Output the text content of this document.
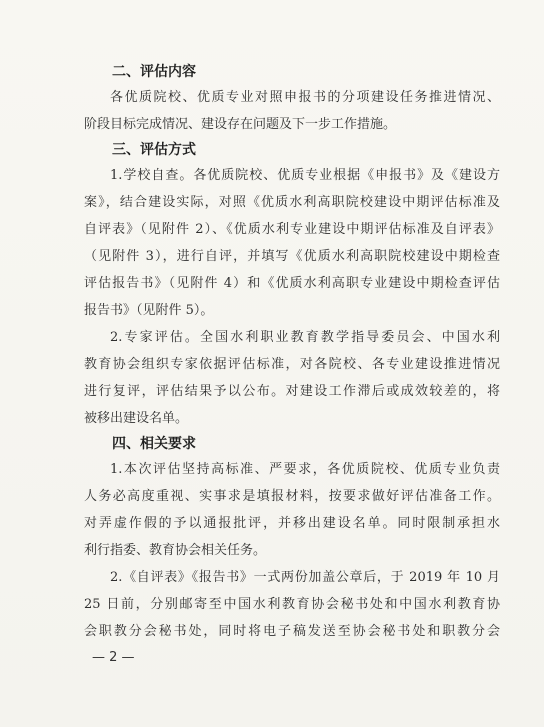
二、评估内容
各优质院校、优质专业对照申报书的分项建设任务推进情况、
阶段目标完成情况、建设存在问题及下一步工作措施。
三、评估方式
1.学校自查。各优质院校、优质专业根据《申报书》及《建设方
案》，结合建设实际，对照《优质水利高职院校建设中期评估标准及
自评表》（见附件 2）、《优质水利专业建设中期评估标准及自评表》
（见附件 3），进行自评，并填写《优质水利高职院校建设中期检查
评估报告书》（见附件 4）和《优质水利高职专业建设中期检查评估
报告书》（见附件 5）。
2.专家评估。全国水利职业教育教学指导委员会、中国水利
教育协会组织专家依据评估标准，对各院校、各专业建设推进情况
进行复评，评估结果予以公布。对建设工作滞后或成效较差的，将
被移出建设名单。
四、相关要求
1.本次评估坚持高标准、严要求，各优质院校、优质专业负责
人务必高度重视、实事求是填报材料，按要求做好评估准备工作。
对弄虚作假的予以通报批评，并移出建设名单。同时限制承担水
利行指委、教育协会相关任务。
2.《自评表》《报告书》一式两份加盖公章后，于 2019 年 10 月
25 日前，分别邮寄至中国水利教育协会秘书处和中国水利教育协
会职教分会秘书处，同时将电子稿发送至协会秘书处和职教分会
— 2 —
